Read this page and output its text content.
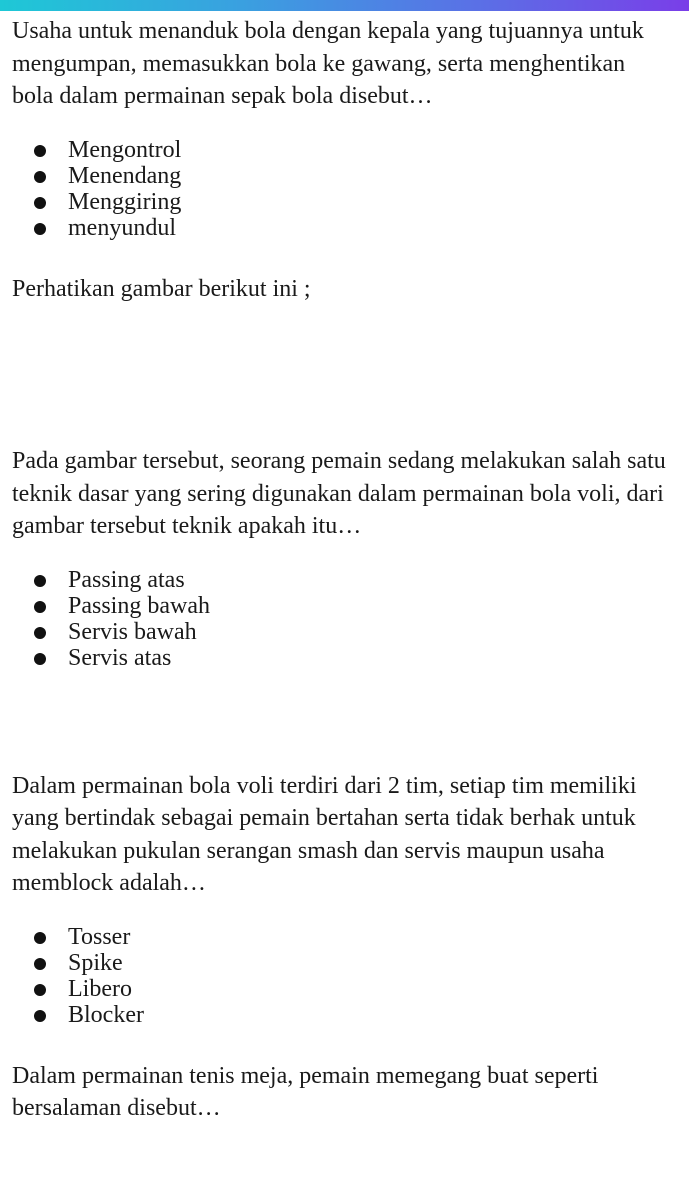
Usaha untuk menanduk bola dengan kepala yang tujuannya untuk mengumpan, memasukkan bola ke gawang, serta menghentikan bola dalam permainan sepak bola disebut…

Mengontrol
Menendang
Menggiring
menyundul

Perhatikan gambar berikut ini ;

Pada gambar tersebut, seorang pemain sedang melakukan salah satu teknik dasar yang sering digunakan dalam permainan bola voli, dari gambar tersebut teknik apakah itu…

Passing atas
Passing bawah
Servis bawah
Servis atas

Dalam permainan bola voli terdiri dari 2 tim, setiap tim memiliki yang bertindak sebagai pemain bertahan serta tidak berhak untuk melakukan pukulan serangan smash dan servis maupun usaha memblock adalah…

Tosser
Spike
Libero
Blocker

Dalam permainan tenis meja, pemain memegang buat seperti bersalaman disebut…
